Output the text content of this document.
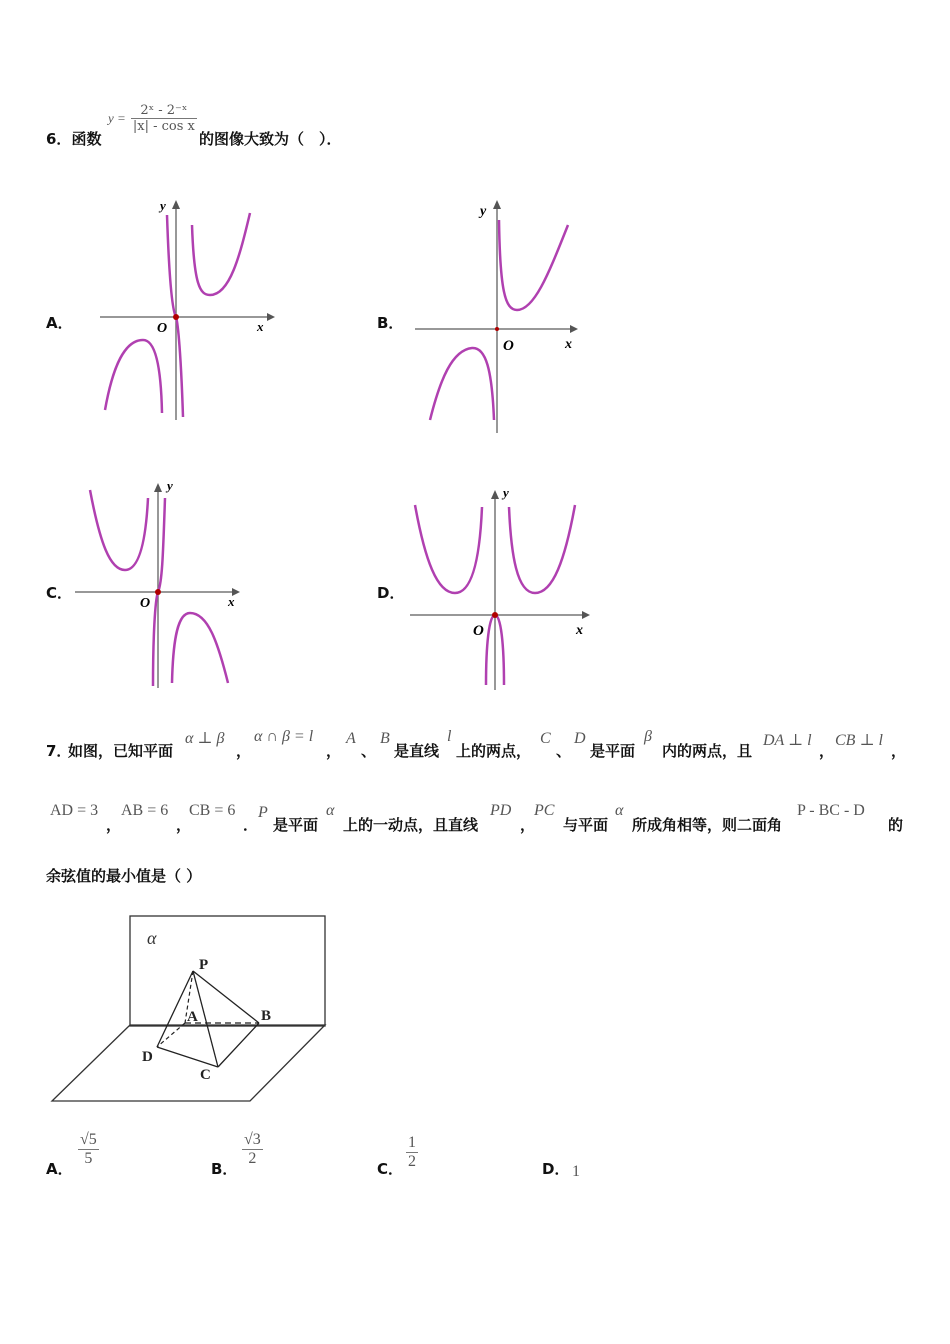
6．函数
$y = \frac{\text{2ˣ - 2⁻ˣ}}{\text{|x| - cos x}}$
的图像大致为（　）．
A．	B．
C．	D．
O	x
y
O	x
y
O	x
y
O	x
y
7．
如图，已知平面
α ⊥ β
，
α ∩ β = l
，
A
、
B
是直线
l
上的两点，
C
、
D
是平面
β
内的两点，且
DA ⊥ l
，
CB ⊥ l
，
AD = 3
，
AB = 6
，
CB = 6
．
P
是平面
α
上的一动点，且直线
PD
，
PC
与平面
α
所成角相等，则二面角
P - BC - D
的
余弦值的最小值是（ ）
α
P
A	B
C
D
A．
$\frac{√5}{5}$
B．
$\frac{√3}{2}$
C． $\frac{1}{2}$	D． 1
